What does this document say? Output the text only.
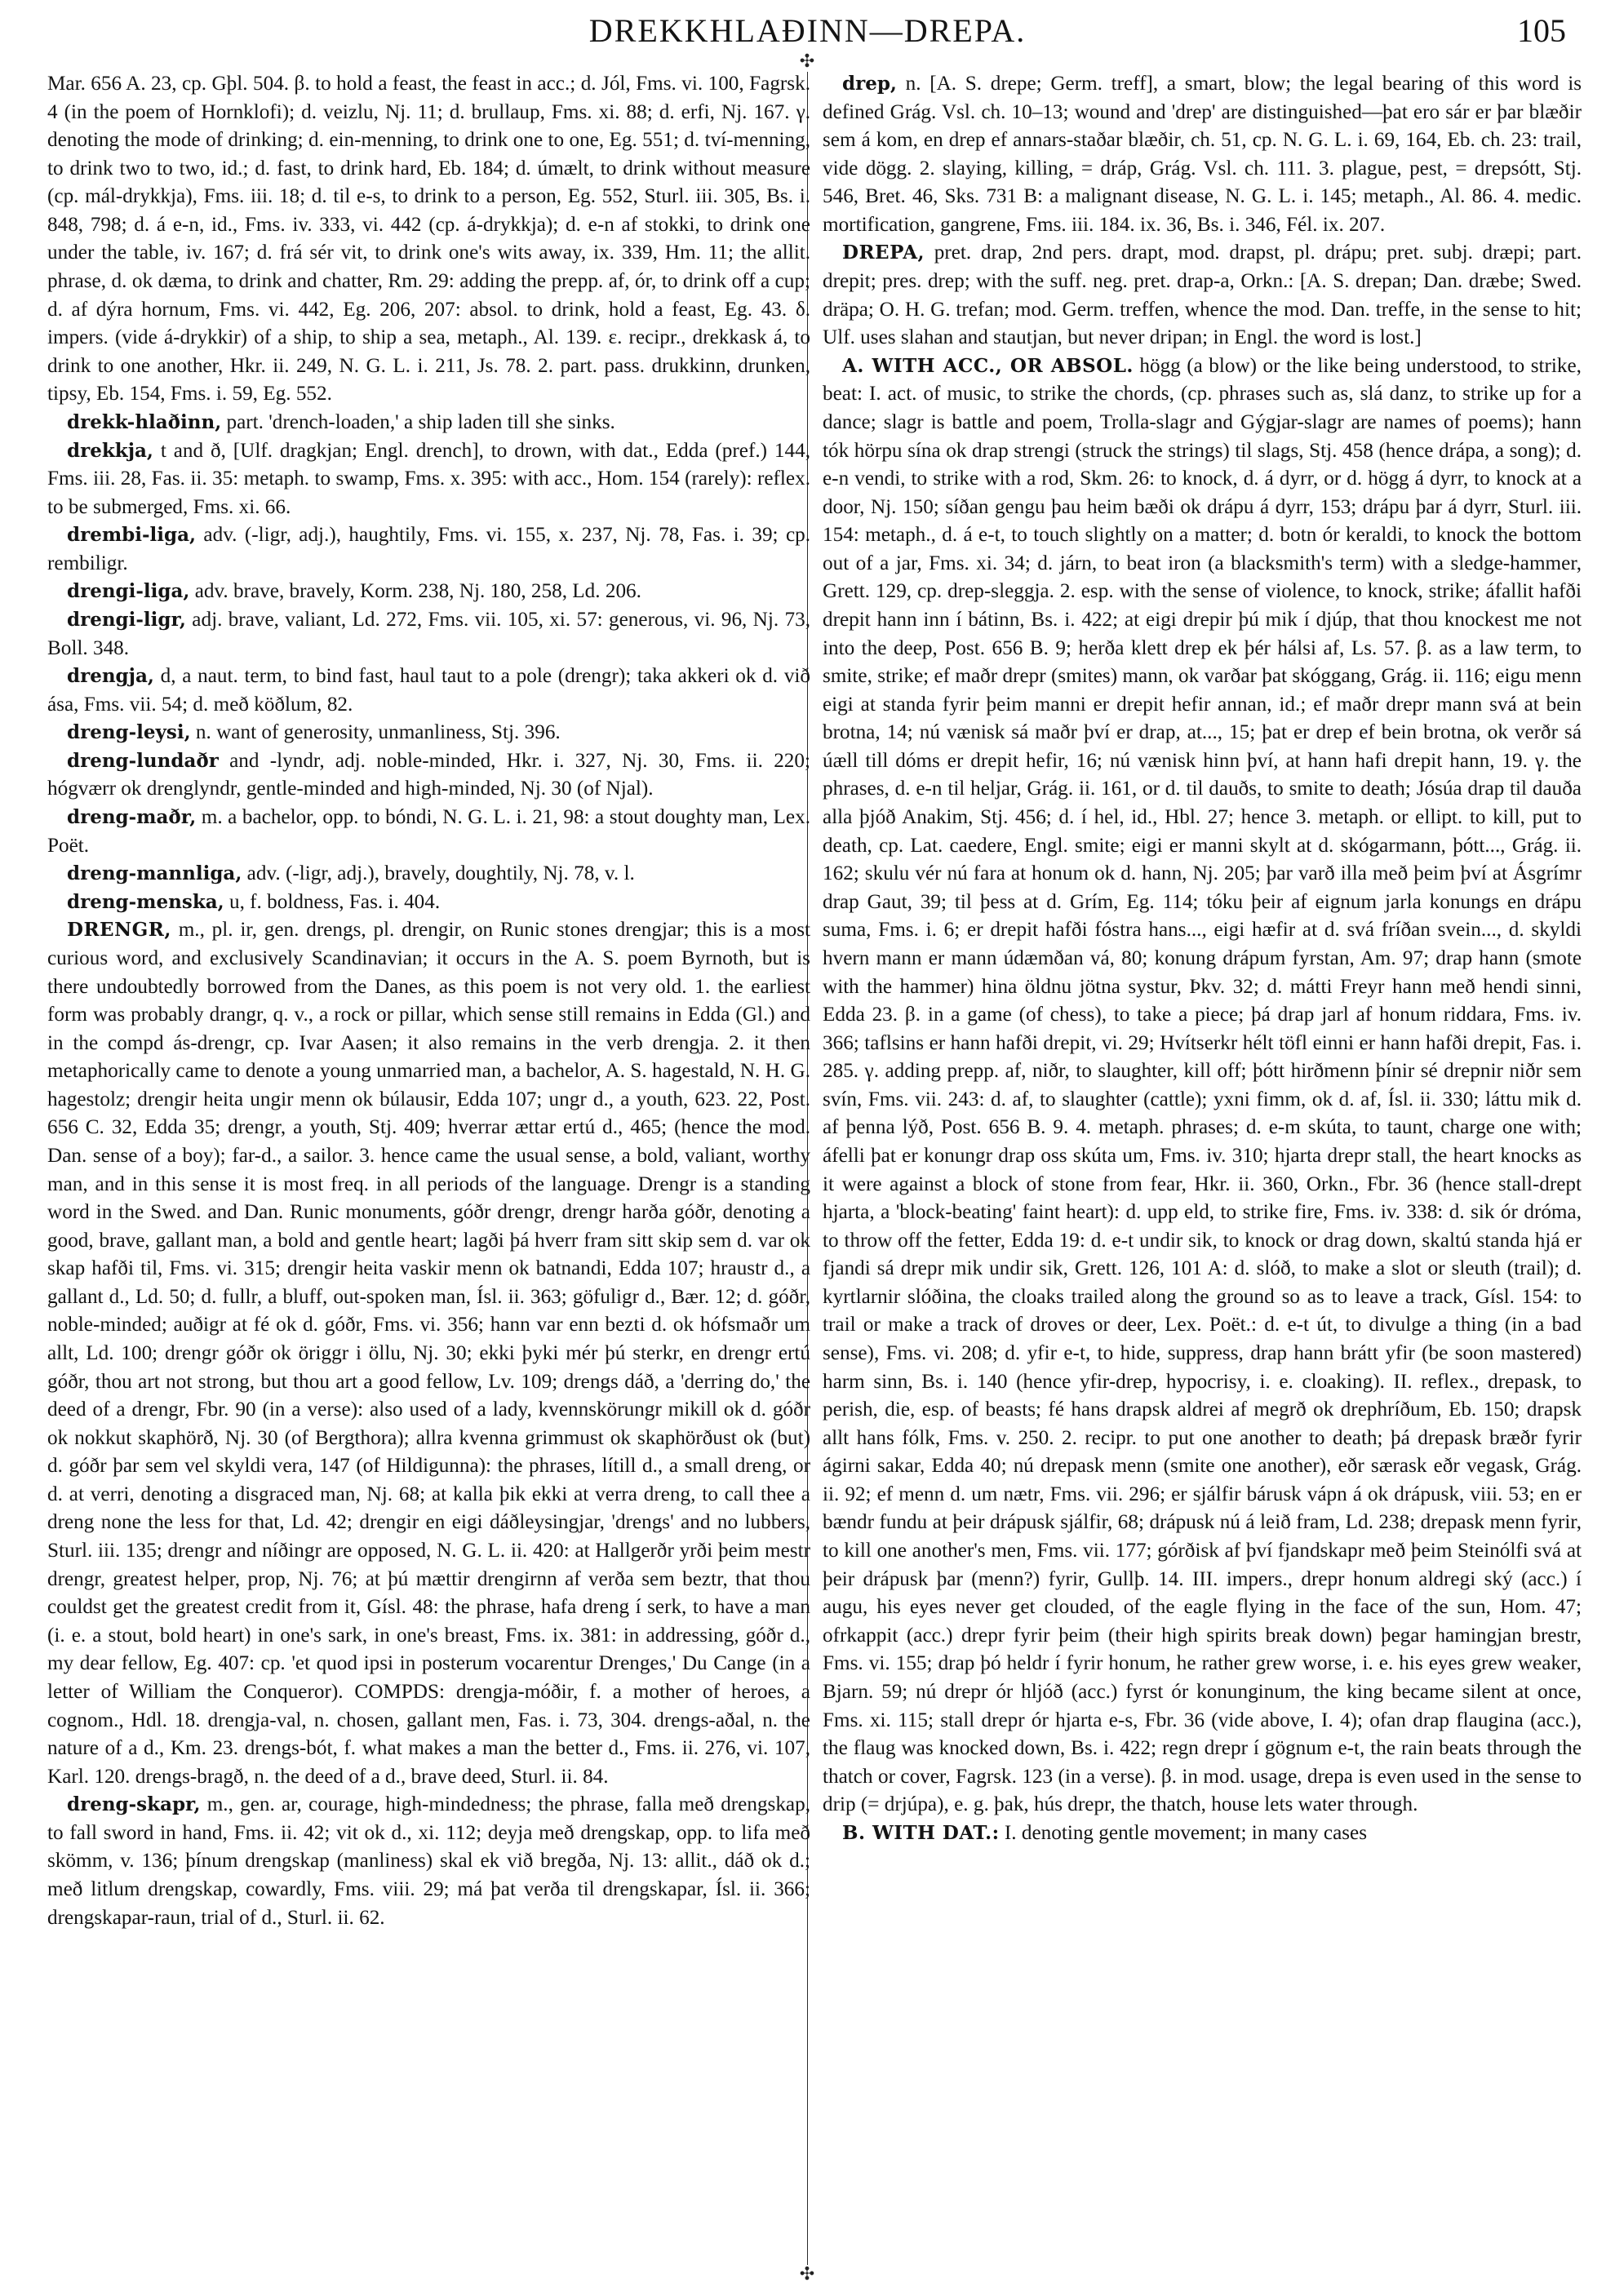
DREKKHLAÐINN—DREPA.	105
✣
✣

Mar. 656 A. 23, cp. Gþl. 504. β. to hold a feast, the feast in acc.; d. Jól, Fms. vi. 100, Fagrsk. 4 (in the poem of Hornklofi); d. veizlu, Nj. 11; d. brullaup, Fms. xi. 88; d. erfi, Nj. 167. γ. denoting the mode of drinking; d. ein-menning, to drink one to one, Eg. 551; d. tví-menning, to drink two to two, id.; d. fast, to drink hard, Eb. 184; d. úmælt, to drink without measure (cp. mál-drykkja), Fms. iii. 18; d. til e-s, to drink to a person, Eg. 552, Sturl. iii. 305, Bs. i. 848, 798; d. á e-n, id., Fms. iv. 333, vi. 442 (cp. á-drykkja); d. e-n af stokki, to drink one under the table, iv. 167; d. frá sér vit, to drink one's wits away, ix. 339, Hm. 11; the allit. phrase, d. ok dæma, to drink and chatter, Rm. 29: adding the prepp. af, ór, to drink off a cup; d. af dýra hornum, Fms. vi. 442, Eg. 206, 207: absol. to drink, hold a feast, Eg. 43. δ. impers. (vide á-drykkir) of a ship, to ship a sea, metaph., Al. 139. ε. recipr., drekkask á, to drink to one another, Hkr. ii. 249, N. G. L. i. 211, Js. 78. 2. part. pass. drukkinn, drunken, tipsy, Eb. 154, Fms. i. 59, Eg. 552.

drekk-hlaðinn, part. 'drench-loaden,' a ship laden till she sinks.

drekkja, t and ð, [Ulf. dragkjan; Engl. drench], to drown, with dat., Edda (pref.) 144, Fms. iii. 28, Fas. ii. 35: metaph. to swamp, Fms. x. 395: with acc., Hom. 154 (rarely): reflex. to be submerged, Fms. xi. 66.

drembi-liga, adv. (-ligr, adj.), haughtily, Fms. vi. 155, x. 237, Nj. 78, Fas. i. 39; cp. rembiligr.

drengi-liga, adv. brave, bravely, Korm. 238, Nj. 180, 258, Ld. 206.

drengi-ligr, adj. brave, valiant, Ld. 272, Fms. vii. 105, xi. 57: generous, vi. 96, Nj. 73, Boll. 348.

drengja, d, a naut. term, to bind fast, haul taut to a pole (drengr); taka akkeri ok d. við ása, Fms. vii. 54; d. með köðlum, 82.

dreng-leysi, n. want of generosity, unmanliness, Stj. 396.

dreng-lundaðr and -lyndr, adj. noble-minded, Hkr. i. 327, Nj. 30, Fms. ii. 220; hógværr ok drenglyndr, gentle-minded and high-minded, Nj. 30 (of Njal).

dreng-maðr, m. a bachelor, opp. to bóndi, N. G. L. i. 21, 98: a stout doughty man, Lex. Poët.

dreng-mannliga, adv. (-ligr, adj.), bravely, doughtily, Nj. 78, v. l.

dreng-menska, u, f. boldness, Fas. i. 404.

DRENGR, m., pl. ir, gen. drengs, pl. drengir, on Runic stones drengjar; this is a most curious word, and exclusively Scandinavian; it occurs in the A. S. poem Byrnoth, but is there undoubtedly borrowed from the Danes, as this poem is not very old. 1. the earliest form was probably drangr, q. v., a rock or pillar, which sense still remains in Edda (Gl.) and in the compd ás-drengr, cp. Ivar Aasen; it also remains in the verb drengja. 2. it then metaphorically came to denote a young unmarried man, a bachelor, A. S. hagestald, N. H. G. hagestolz; drengir heita ungir menn ok búlausir, Edda 107; ungr d., a youth, 623. 22, Post. 656 C. 32, Edda 35; drengr, a youth, Stj. 409; hverrar ættar ertú d., 465; (hence the mod. Dan. sense of a boy); far-d., a sailor. 3. hence came the usual sense, a bold, valiant, worthy man, and in this sense it is most freq. in all periods of the language. Drengr is a standing word in the Swed. and Dan. Runic monuments, góðr drengr, drengr harða góðr, denoting a good, brave, gallant man, a bold and gentle heart; lagði þá hverr fram sitt skip sem d. var ok skap hafði til, Fms. vi. 315; drengir heita vaskir menn ok batnandi, Edda 107; hraustr d., a gallant d., Ld. 50; d. fullr, a bluff, out-spoken man, Ísl. ii. 363; göfuligr d., Bær. 12; d. góðr, noble-minded; auðigr at fé ok d. góðr, Fms. vi. 356; hann var enn bezti d. ok hófsmaðr um allt, Ld. 100; drengr góðr ok öriggr i öllu, Nj. 30; ekki þyki mér þú sterkr, en drengr ertú góðr, thou art not strong, but thou art a good fellow, Lv. 109; drengs dáð, a 'derring do,' the deed of a drengr, Fbr. 90 (in a verse): also used of a lady, kvennskörungr mikill ok d. góðr ok nokkut skaphörð, Nj. 30 (of Bergthora); allra kvenna grimmust ok skaphörðust ok (but) d. góðr þar sem vel skyldi vera, 147 (of Hildigunna): the phrases, lítill d., a small dreng, or d. at verri, denoting a disgraced man, Nj. 68; at kalla þik ekki at verra dreng, to call thee a dreng none the less for that, Ld. 42; drengir en eigi dáðleysingjar, 'drengs' and no lubbers, Sturl. iii. 135; drengr and níðingr are opposed, N. G. L. ii. 420: at Hallgerðr yrði þeim mestr drengr, greatest helper, prop, Nj. 76; at þú mættir drengirnn af verða sem beztr, that thou couldst get the greatest credit from it, Gísl. 48: the phrase, hafa dreng í serk, to have a man (i. e. a stout, bold heart) in one's sark, in one's breast, Fms. ix. 381: in addressing, góðr d., my dear fellow, Eg. 407: cp. 'et quod ipsi in posterum vocarentur Drenges,' Du Cange (in a letter of William the Conqueror). COMPDS: drengja-móðir, f. a mother of heroes, a cognom., Hdl. 18. drengja-val, n. chosen, gallant men, Fas. i. 73, 304. drengs-aðal, n. the nature of a d., Km. 23. drengs-bót, f. what makes a man the better d., Fms. ii. 276, vi. 107, Karl. 120. drengs-bragð, n. the deed of a d., brave deed, Sturl. ii. 84.

dreng-skapr, m., gen. ar, courage, high-mindedness; the phrase, falla með drengskap, to fall sword in hand, Fms. ii. 42; vit ok d., xi. 112; deyja með drengskap, opp. to lifa með skömm, v. 136; þínum drengskap (manliness) skal ek við bregða, Nj. 13: allit., dáð ok d.; með litlum drengskap, cowardly, Fms. viii. 29; má þat verða til drengskapar, Ísl. ii. 366; drengskapar-raun, trial of d., Sturl. ii. 62.

drep, n. [A. S. drepe; Germ. treff], a smart, blow; the legal bearing of this word is defined Grág. Vsl. ch. 10–13; wound and 'drep' are distinguished—þat ero sár er þar blæðir sem á kom, en drep ef annars-staðar blæðir, ch. 51, cp. N. G. L. i. 69, 164, Eb. ch. 23: trail, vide dögg. 2. slaying, killing, = dráp, Grág. Vsl. ch. 111. 3. plague, pest, = drepsótt, Stj. 546, Bret. 46, Sks. 731 B: a malignant disease, N. G. L. i. 145; metaph., Al. 86. 4. medic. mortification, gangrene, Fms. iii. 184. ix. 36, Bs. i. 346, Fél. ix. 207.

DREPA, pret. drap, 2nd pers. drapt, mod. drapst, pl. drápu; pret. subj. dræpi; part. drepit; pres. drep; with the suff. neg. pret. drap-a, Orkn.: [A. S. drepan; Dan. dræbe; Swed. dräpa; O. H. G. trefan; mod. Germ. treffen, whence the mod. Dan. treffe, in the sense to hit; Ulf. uses slahan and stautjan, but never dripan; in Engl. the word is lost.]

A. WITH ACC., OR ABSOL. högg (a blow) or the like being understood, to strike, beat: I. act. of music, to strike the chords, (cp. phrases such as, slá danz, to strike up for a dance; slagr is battle and poem, Trolla-slagr and Gýgjar-slagr are names of poems); hann tók hörpu sína ok drap strengi (struck the strings) til slags, Stj. 458 (hence drápa, a song); d. e-n vendi, to strike with a rod, Skm. 26: to knock, d. á dyrr, or d. högg á dyrr, to knock at a door, Nj. 150; síðan gengu þau heim bæði ok drápu á dyrr, 153; drápu þar á dyrr, Sturl. iii. 154: metaph., d. á e-t, to touch slightly on a matter; d. botn ór keraldi, to knock the bottom out of a jar, Fms. xi. 34; d. járn, to beat iron (a blacksmith's term) with a sledge-hammer, Grett. 129, cp. drep-sleggja. 2. esp. with the sense of violence, to knock, strike; áfallit hafði drepit hann inn í bátinn, Bs. i. 422; at eigi drepir þú mik í djúp, that thou knockest me not into the deep, Post. 656 B. 9; herða klett drep ek þér hálsi af, Ls. 57. β. as a law term, to smite, strike; ef maðr drepr (smites) mann, ok varðar þat skóggang, Grág. ii. 116; eigu menn eigi at standa fyrir þeim manni er drepit hefir annan, id.; ef maðr drepr mann svá at bein brotna, 14; nú vænisk sá maðr því er drap, at..., 15; þat er drep ef bein brotna, ok verðr sá úæll till dóms er drepit hefir, 16; nú vænisk hinn því, at hann hafi drepit hann, 19. γ. the phrases, d. e-n til heljar, Grág. ii. 161, or d. til dauðs, to smite to death; Jósúa drap til dauða alla þjóð Anakim, Stj. 456; d. í hel, id., Hbl. 27; hence 3. metaph. or ellipt. to kill, put to death, cp. Lat. caedere, Engl. smite; eigi er manni skylt at d. skógarmann, þótt..., Grág. ii. 162; skulu vér nú fara at honum ok d. hann, Nj. 205; þar varð illa með þeim því at Ásgrímr drap Gaut, 39; til þess at d. Grím, Eg. 114; tóku þeir af eignum jarla konungs en drápu suma, Fms. i. 6; er drepit hafði fóstra hans..., eigi hæfir at d. svá fríðan svein..., d. skyldi hvern mann er mann údæmðan vá, 80; konung drápum fyrstan, Am. 97; drap hann (smote with the hammer) hina öldnu jötna systur, Þkv. 32; d. mátti Freyr hann með hendi sinni, Edda 23. β. in a game (of chess), to take a piece; þá drap jarl af honum riddara, Fms. iv. 366; taflsins er hann hafði drepit, vi. 29; Hvítserkr hélt töfl einni er hann hafði drepit, Fas. i. 285. γ. adding prepp. af, niðr, to slaughter, kill off; þótt hirðmenn þínir sé drepnir niðr sem svín, Fms. vii. 243: d. af, to slaughter (cattle); yxni fimm, ok d. af, Ísl. ii. 330; láttu mik d. af þenna lýð, Post. 656 B. 9. 4. metaph. phrases; d. e-m skúta, to taunt, charge one with; áfelli þat er konungr drap oss skúta um, Fms. iv. 310; hjarta drepr stall, the heart knocks as it were against a block of stone from fear, Hkr. ii. 360, Orkn., Fbr. 36 (hence stall-drept hjarta, a 'block-beating' faint heart): d. upp eld, to strike fire, Fms. iv. 338: d. sik ór dróma, to throw off the fetter, Edda 19: d. e-t undir sik, to knock or drag down, skaltú standa hjá er fjandi sá drepr mik undir sik, Grett. 126, 101 A: d. slóð, to make a slot or sleuth (trail); d. kyrtlarnir slóðina, the cloaks trailed along the ground so as to leave a track, Gísl. 154: to trail or make a track of droves or deer, Lex. Poët.: d. e-t út, to divulge a thing (in a bad sense), Fms. vi. 208; d. yfir e-t, to hide, suppress, drap hann brátt yfir (be soon mastered) harm sinn, Bs. i. 140 (hence yfir-drep, hypocrisy, i. e. cloaking). II. reflex., drepask, to perish, die, esp. of beasts; fé hans drapsk aldrei af megrð ok drephríðum, Eb. 150; drapsk allt hans fólk, Fms. v. 250. 2. recipr. to put one another to death; þá drepask bræðr fyrir ágirni sakar, Edda 40; nú drepask menn (smite one another), eðr særask eðr vegask, Grág. ii. 92; ef menn d. um nætr, Fms. vii. 296; er sjálfir bárusk vápn á ok drápusk, viii. 53; en er bændr fundu at þeir drápusk sjálfir, 68; drápusk nú á leið fram, Ld. 238; drepask menn fyrir, to kill one another's men, Fms. vii. 177; górðisk af því fjandskapr með þeim Steinólfi svá at þeir drápusk þar (menn?) fyrir, Gullþ. 14. III. impers., drepr honum aldregi ský (acc.) í augu, his eyes never get clouded, of the eagle flying in the face of the sun, Hom. 47; ofrkappit (acc.) drepr fyrir þeim (their high spirits break down) þegar hamingjan brestr, Fms. vi. 155; drap þó heldr í fyrir honum, he rather grew worse, i. e. his eyes grew weaker, Bjarn. 59; nú drepr ór hljóð (acc.) fyrst ór konunginum, the king became silent at once, Fms. xi. 115; stall drepr ór hjarta e-s, Fbr. 36 (vide above, I. 4); ofan drap flaugina (acc.), the flaug was knocked down, Bs. i. 422; regn drepr í gögnum e-t, the rain beats through the thatch or cover, Fagrsk. 123 (in a verse). β. in mod. usage, drepa is even used in the sense to drip (= drjúpa), e. g. þak, hús drepr, the thatch, house lets water through.

B. WITH DAT.: I. denoting gentle movement; in many cases
